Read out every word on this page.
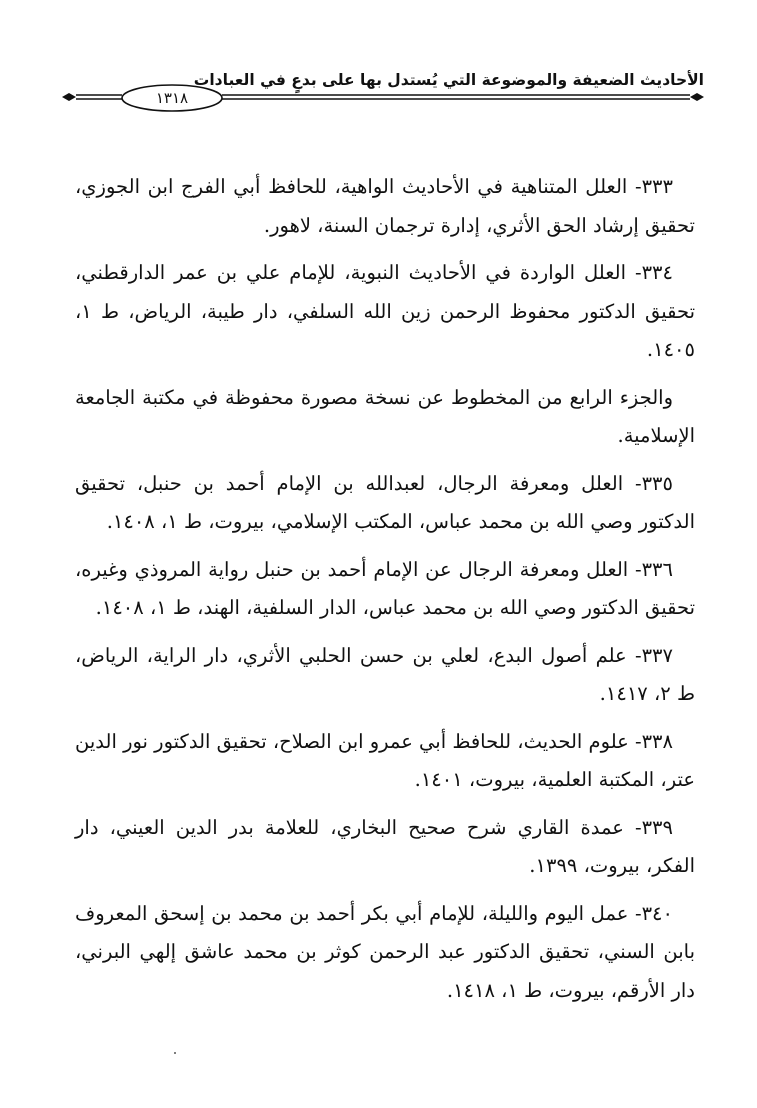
الأحاديث الضعيفة والموضوعة التي يُستدل بها على بدعٍ في العبادات
١٣١٨

٣٣٣- العلل المتناهية في الأحاديث الواهية، للحافظ أبي الفرج ابن الجوزي، تحقيق إرشاد الحق الأثري، إدارة ترجمان السنة، لاهور.

٣٣٤- العلل الواردة في الأحاديث النبوية، للإمام علي بن عمر الدارقطني، تحقيق الدكتور محفوظ الرحمن زين الله السلفي، دار طيبة، الرياض، ط ١، ١٤٠٥.

والجزء الرابع من المخطوط عن نسخة مصورة محفوظة في مكتبة الجامعة الإسلامية.

٣٣٥- العلل ومعرفة الرجال، لعبدالله بن الإمام أحمد بن حنبل، تحقيق الدكتور وصي الله بن محمد عباس، المكتب الإسلامي، بيروت، ط ١، ١٤٠٨.

٣٣٦- العلل ومعرفة الرجال عن الإمام أحمد بن حنبل رواية المروذي وغيره، تحقيق الدكتور وصي الله بن محمد عباس، الدار السلفية، الهند، ط ١، ١٤٠٨.

٣٣٧- علم أصول البدع، لعلي بن حسن الحلبي الأثري، دار الراية، الرياض، ط ٢، ١٤١٧.

٣٣٨- علوم الحديث، للحافظ أبي عمرو ابن الصلاح، تحقيق الدكتور نور الدين عتر، المكتبة العلمية، بيروت، ١٤٠١.

٣٣٩- عمدة القاري شرح صحيح البخاري، للعلامة بدر الدين العيني، دار الفكر، بيروت، ١٣٩٩.

٣٤٠- عمل اليوم والليلة، للإمام أبي بكر أحمد بن محمد بن إسحق المعروف بابن السني، تحقيق الدكتور عبد الرحمن كوثر بن محمد عاشق إلهي البرني، دار الأرقم، بيروت، ط ١، ١٤١٨.
